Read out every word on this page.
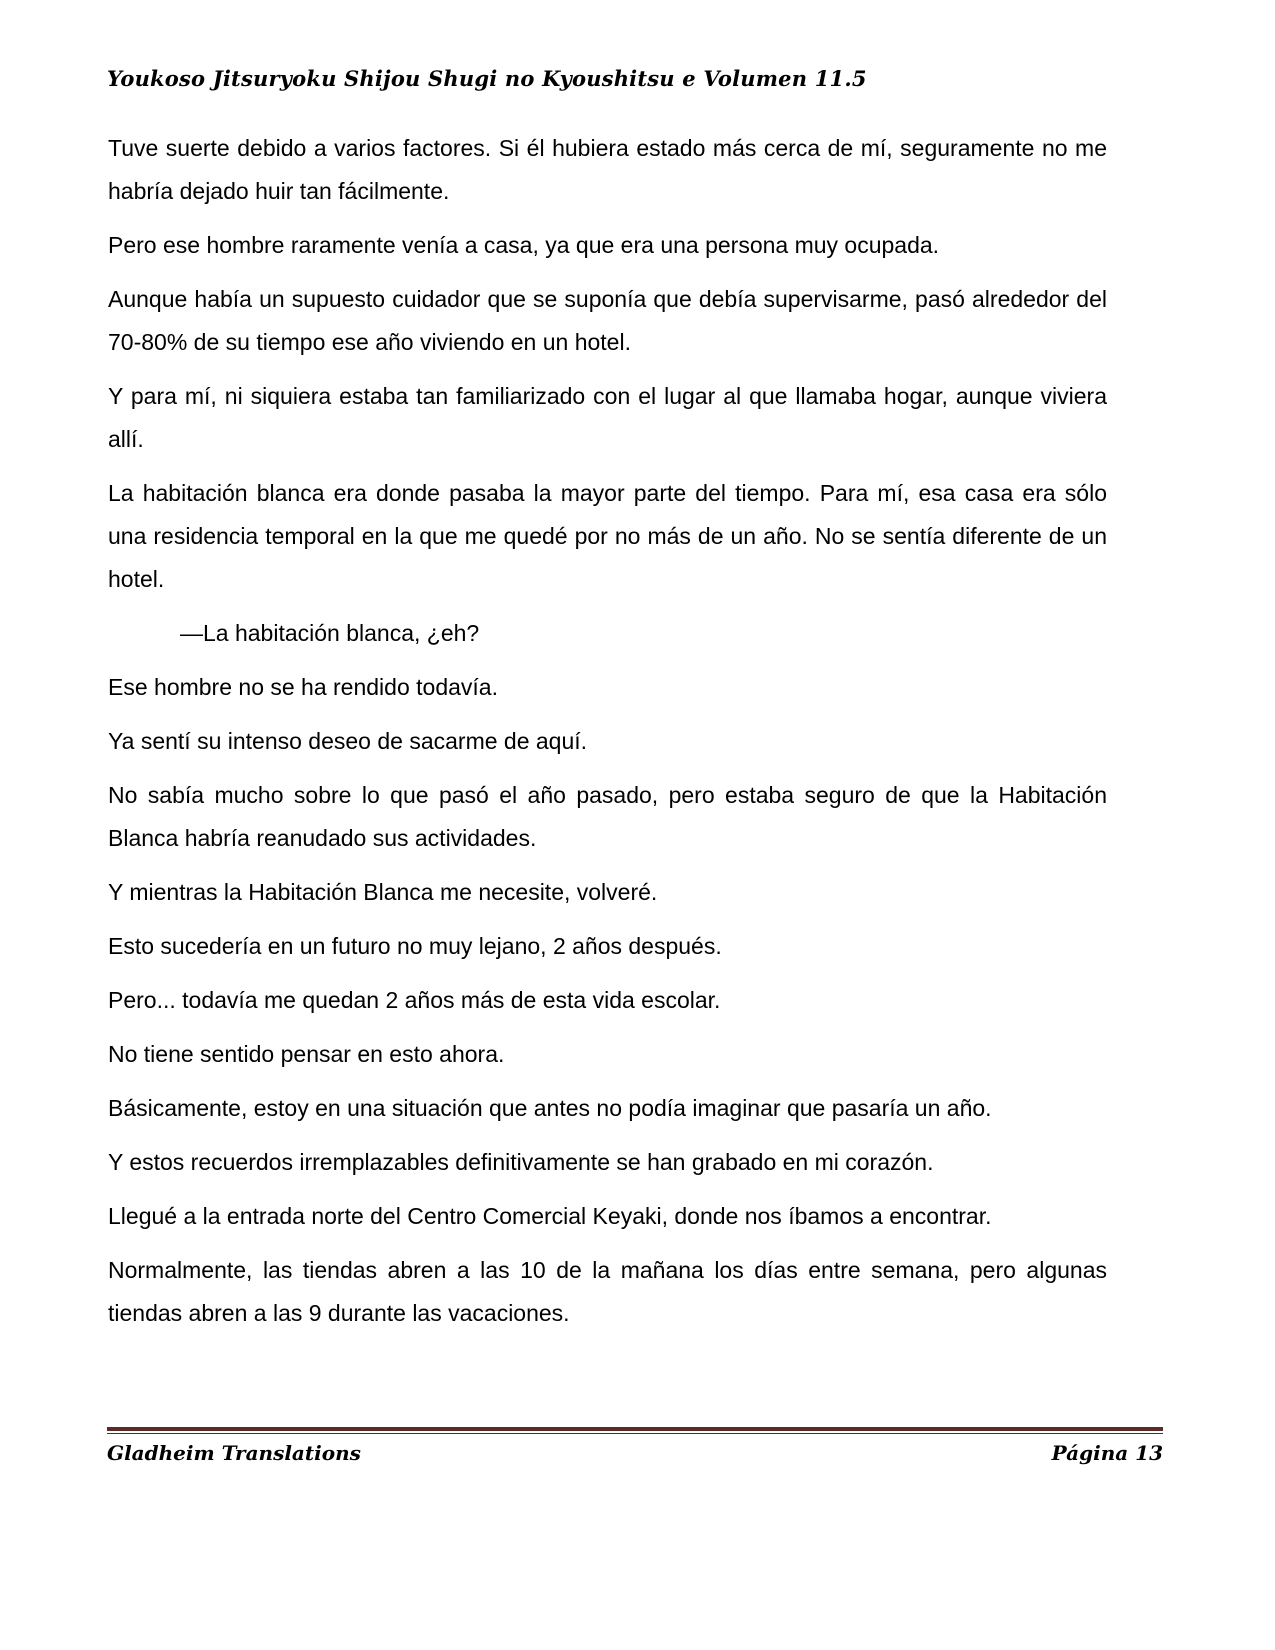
Youkoso Jitsuryoku Shijou Shugi no Kyoushitsu e Volumen 11.5

Tuve suerte debido a varios factores. Si él hubiera estado más cerca de mí, seguramente no me habría dejado huir tan fácilmente.

Pero ese hombre raramente venía a casa, ya que era una persona muy ocupada.

Aunque había un supuesto cuidador que se suponía que debía supervisarme, pasó alrededor del 70-80% de su tiempo ese año viviendo en un hotel.

Y para mí, ni siquiera estaba tan familiarizado con el lugar al que llamaba hogar, aunque viviera allí.

La habitación blanca era donde pasaba la mayor parte del tiempo. Para mí, esa casa era sólo una residencia temporal en la que me quedé por no más de un año. No se sentía diferente de un hotel.

—La habitación blanca, ¿eh?

Ese hombre no se ha rendido todavía.

Ya sentí su intenso deseo de sacarme de aquí.

No sabía mucho sobre lo que pasó el año pasado, pero estaba seguro de que la Habitación Blanca habría reanudado sus actividades.

Y mientras la Habitación Blanca me necesite, volveré.

Esto sucedería en un futuro no muy lejano, 2 años después.

Pero... todavía me quedan 2 años más de esta vida escolar.

No tiene sentido pensar en esto ahora.

Básicamente, estoy en una situación que antes no podía imaginar que pasaría un año.

Y estos recuerdos irremplazables definitivamente se han grabado en mi corazón.

Llegué a la entrada norte del Centro Comercial Keyaki, donde nos íbamos a encontrar.

Normalmente, las tiendas abren a las 10 de la mañana los días entre semana, pero algunas tiendas abren a las 9 durante las vacaciones.

Gladheim Translations	Página 13
